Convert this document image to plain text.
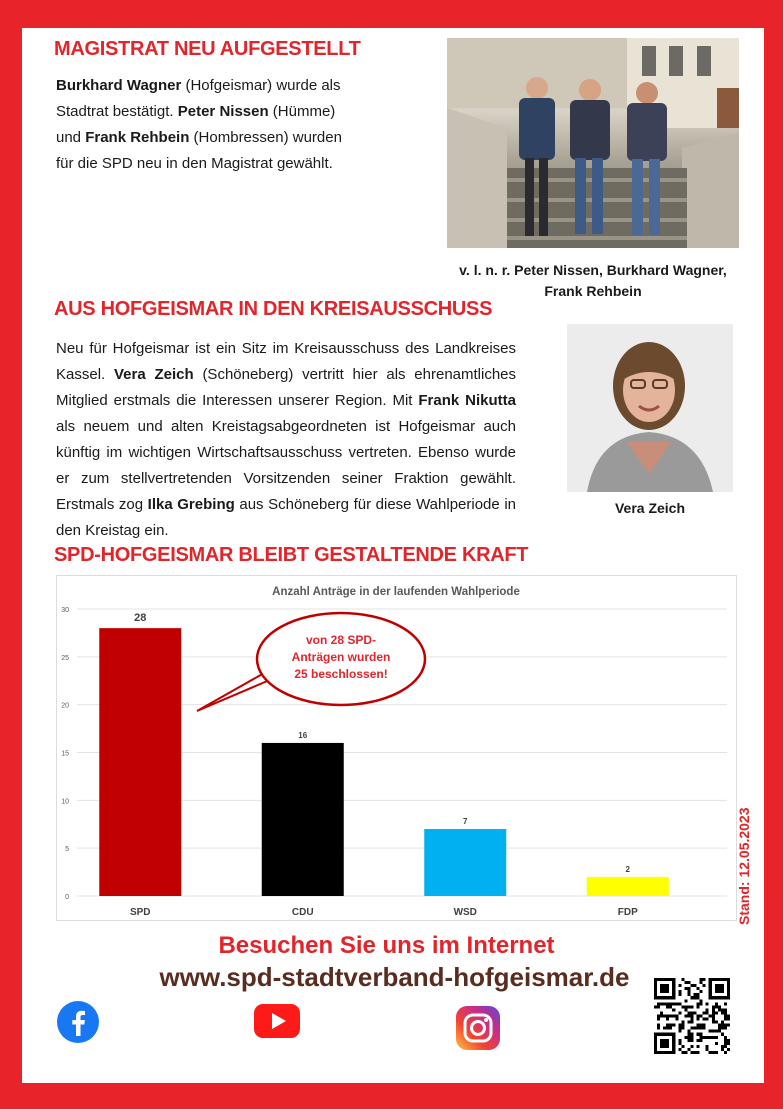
MAGISTRAT NEU AUFGESTELLT
Burkhard Wagner (Hofgeismar) wurde als
Stadtrat bestätigt. Peter Nissen (Hümme)
und Frank Rehbein (Hombressen) wurden
für die SPD neu in den Magistrat gewählt.
v. l. n. r. Peter Nissen, Burkhard Wagner,
Frank Rehbein
AUS HOFGEISMAR IN DEN KREISAUSSCHUSS
Neu für Hofgeismar ist ein Sitz im Kreisausschuss des Landkreises Kassel. Vera Zeich (Schöneberg) vertritt hier als ehrenamtliches Mitglied erstmals die Interessen unserer Region. Mit Frank Nikutta als neuem und alten Kreistagsabgeordneten ist Hofgeismar auch künftig im wichtigen Wirtschaftsausschuss vertreten. Ebenso wurde er zum stellvertretenden Vorsitzenden seiner Fraktion gewählt. Erstmals zog Ilka Grebing aus Schöneberg für diese Wahlperiode in den Kreistag ein.
Vera Zeich
SPD-HOFGEISMAR BLEIBT GESTALTENDE KRAFT
Anzahl Anträge in der laufenden Wahlperiode
0
5
10
15
20
25
30
28
16
7
2
SPD	CDU	WSD	FDP
von 28 SPD-
Anträgen wurden
25 beschlossen!
Stand: 12.05.2023
Besuchen Sie uns im Internet
www.spd-stadtverband-hofgeismar.de
